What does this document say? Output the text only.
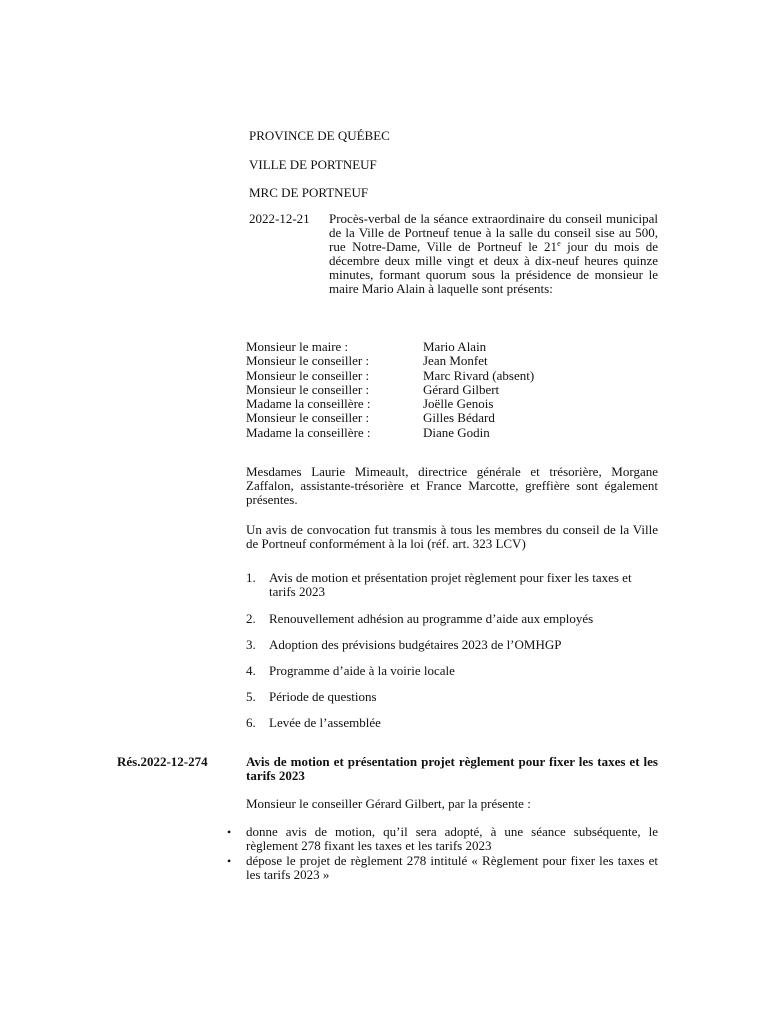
PROVINCE DE QUÉBEC
VILLE DE PORTNEUF
MRC DE PORTNEUF
2022-12-21 Procès-verbal de la séance extraordinaire du conseil municipal de la Ville de Portneuf tenue à la salle du conseil sise au 500, rue Notre-Dame, Ville de Portneuf le 21e jour du mois de décembre deux mille vingt et deux à dix-neuf heures quinze minutes, formant quorum sous la présidence de monsieur le maire Mario Alain à laquelle sont présents:
Monsieur le maire :
Monsieur le conseiller :
Monsieur le conseiller :
Monsieur le conseiller :
Madame la conseillère :
Monsieur le conseiller :
Madame la conseillère :
Mario Alain
Jean Monfet
Marc Rivard (absent)
Gérard Gilbert
Joëlle Genois
Gilles Bédard
Diane Godin
Mesdames Laurie Mimeault, directrice générale et trésorière, Morgane Zaffalon, assistante-trésorière et France Marcotte, greffière sont également présentes.
Un avis de convocation fut transmis à tous les membres du conseil de la Ville de Portneuf conformément à la loi (réf. art. 323 LCV)
1. Avis de motion et présentation projet règlement pour fixer les taxes et tarifs 2023
2. Renouvellement adhésion au programme d’aide aux employés
3. Adoption des prévisions budgétaires 2023 de l’OMHGP
4. Programme d’aide à la voirie locale
5. Période de questions
6. Levée de l’assemblée
Rés.2022-12-274	Avis de motion et présentation projet règlement pour fixer les taxes et les tarifs 2023
Monsieur le conseiller Gérard Gilbert, par la présente :
• donne avis de motion, qu’il sera adopté, à une séance subséquente, le règlement 278 fixant les taxes et les tarifs 2023
• dépose le projet de règlement 278 intitulé « Règlement pour fixer les taxes et les tarifs 2023 »
